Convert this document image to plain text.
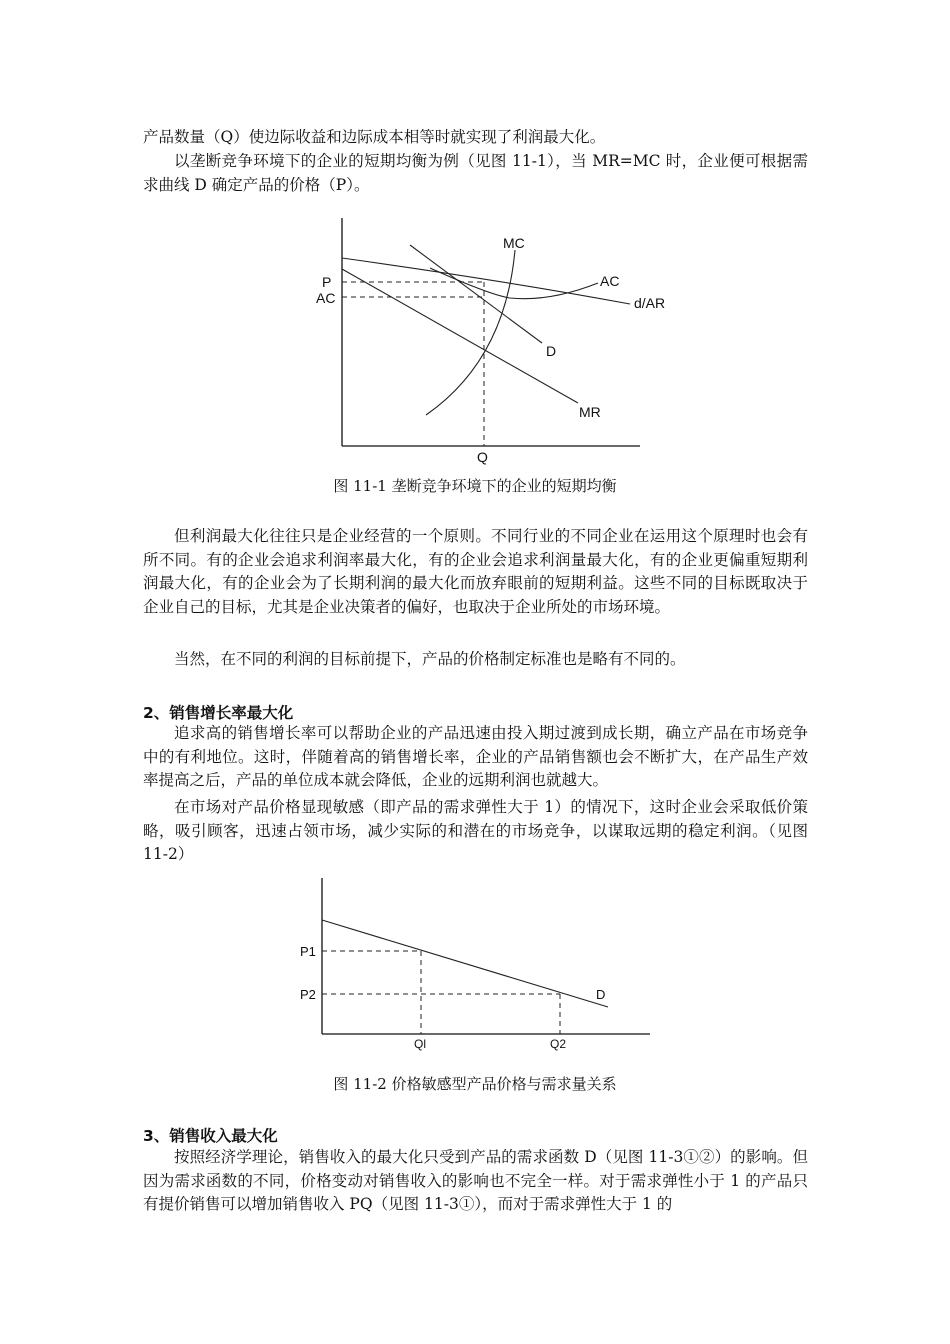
产品数量（Q）使边际收益和边际成本相等时就实现了利润最大化。

以垄断竞争环境下的企业的短期均衡为例（见图 11-1），当 MR=MC 时，企业便可根据需求曲线 D 确定产品的价格（P）。

MC
AC
d/AR
D
MR
P
AC
Q

图 11-1 垄断竞争环境下的企业的短期均衡

但利润最大化往往只是企业经营的一个原则。不同行业的不同企业在运用这个原理时也会有所不同。有的企业会追求利润率最大化，有的企业会追求利润量最大化，有的企业更偏重短期利润最大化，有的企业会为了长期利润的最大化而放弃眼前的短期利益。这些不同的目标既取决于企业自己的目标，尤其是企业决策者的偏好，也取决于企业所处的市场环境。

当然，在不同的利润的目标前提下，产品的价格制定标准也是略有不同的。

2、销售增长率最大化

追求高的销售增长率可以帮助企业的产品迅速由投入期过渡到成长期，确立产品在市场竞争中的有利地位。这时，伴随着高的销售增长率，企业的产品销售额也会不断扩大，在产品生产效率提高之后，产品的单位成本就会降低，企业的远期利润也就越大。

在市场对产品价格显现敏感（即产品的需求弹性大于 1）的情况下，这时企业会采取低价策略，吸引顾客，迅速占领市场，减少实际的和潜在的市场竞争，以谋取远期的稳定利润。（见图 11-2）

P1
P2	D
Ql	Q2

图 11-2 价格敏感型产品价格与需求量关系

3、销售收入最大化

按照经济学理论，销售收入的最大化只受到产品的需求函数 D（见图 11-3①②）的影响。但因为需求函数的不同，价格变动对销售收入的影响也不完全一样。对于需求弹性小于 1 的产品只有提价销售可以增加销售收入 PQ（见图 11-3①），而对于需求弹性大于 1 的
